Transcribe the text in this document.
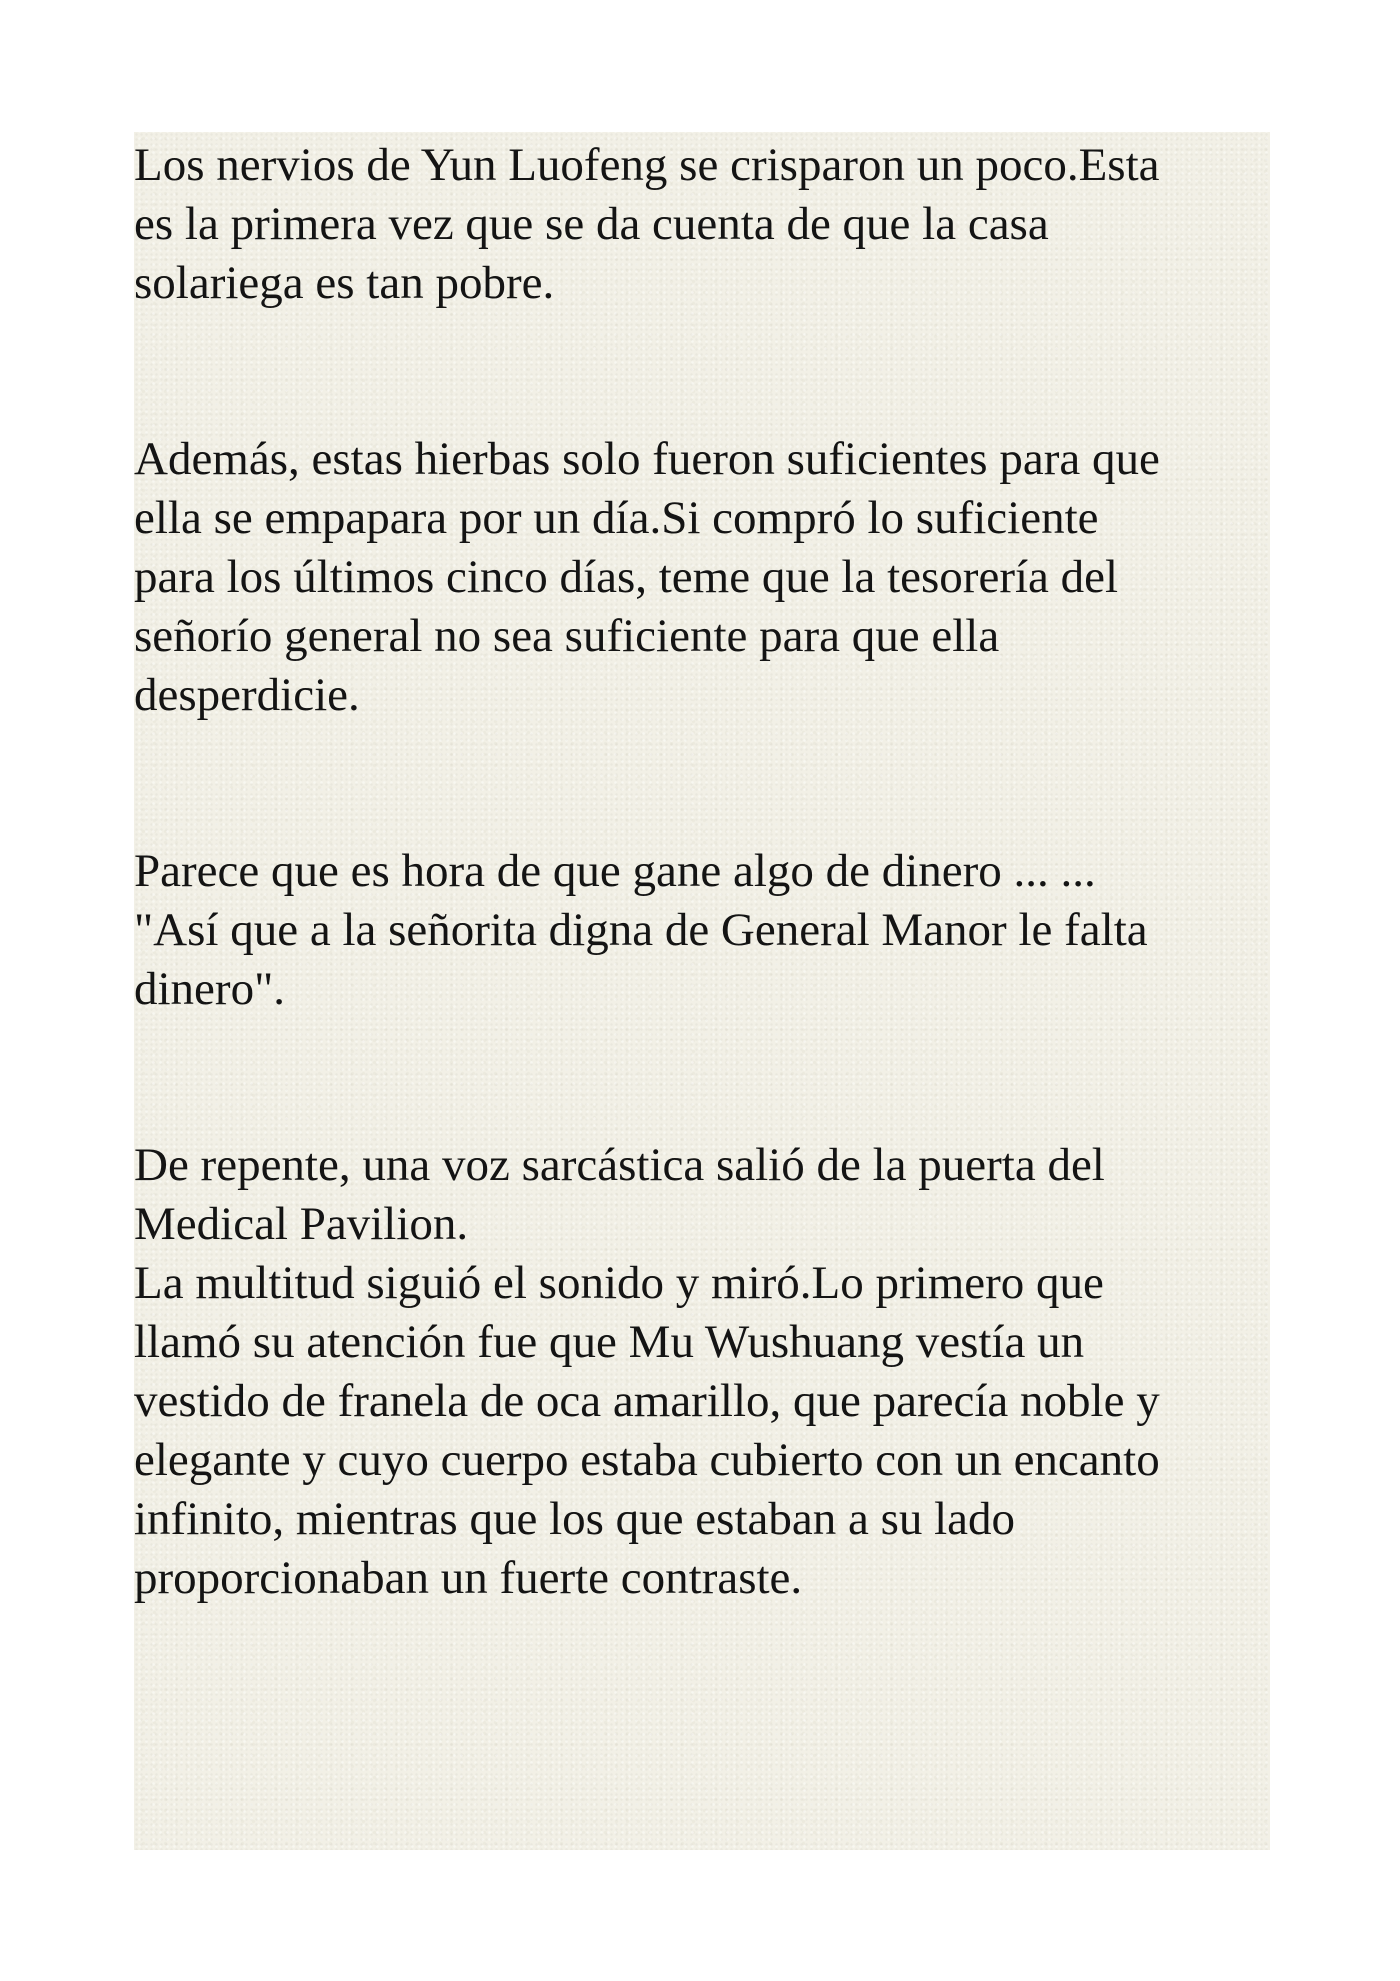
Los nervios de Yun Luofeng se crisparon un poco.Esta
es la primera vez que se da cuenta de que la casa
solariega es tan pobre.

Además, estas hierbas solo fueron suficientes para que
ella se empapara por un día.Si compró lo suficiente
para los últimos cinco días, teme que la tesorería del
señorío general no sea suficiente para que ella
desperdicie.

Parece que es hora de que gane algo de dinero ... ...
"Así que a la señorita digna de General Manor le falta
dinero".

De repente, una voz sarcástica salió de la puerta del
Medical Pavilion.
La multitud siguió el sonido y miró.Lo primero que
llamó su atención fue que Mu Wushuang vestía un
vestido de franela de oca amarillo, que parecía noble y
elegante y cuyo cuerpo estaba cubierto con un encanto
infinito, mientras que los que estaban a su lado
proporcionaban un fuerte contraste.
